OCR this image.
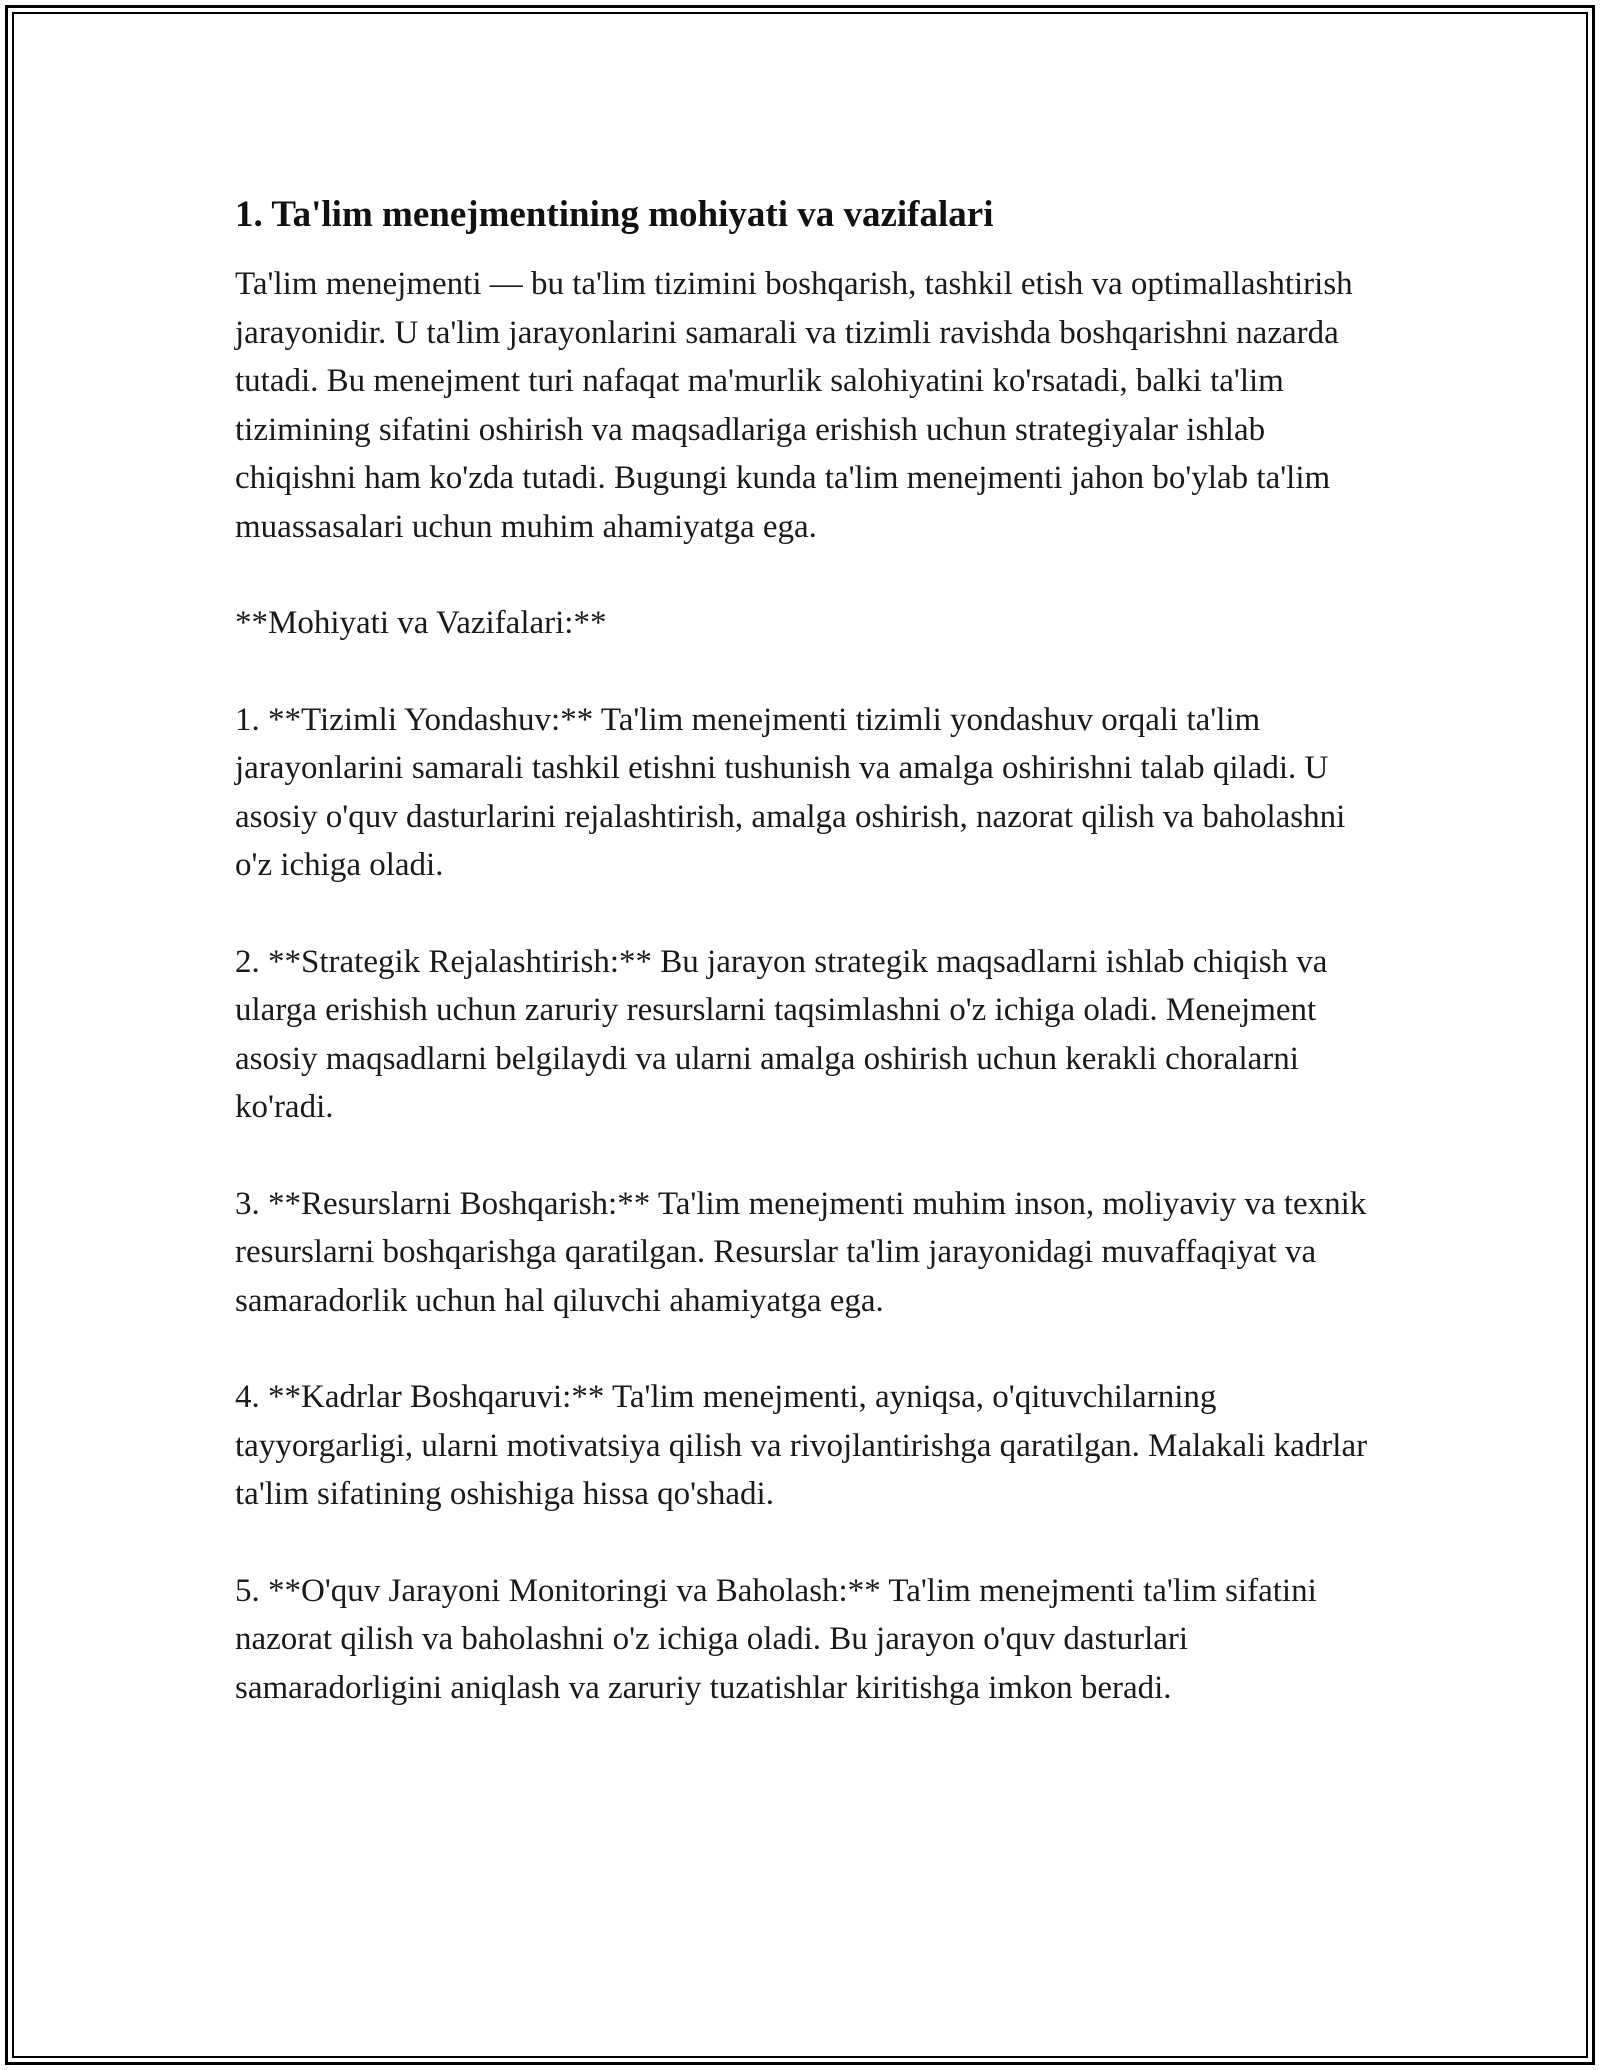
1. Ta'lim menejmentining mohiyati va vazifalari

Ta'lim menejmenti — bu ta'lim tizimini boshqarish, tashkil etish va optimallashtirish jarayonidir. U ta'lim jarayonlarini samarali va tizimli ravishda boshqarishni nazarda tutadi. Bu menejment turi nafaqat ma'murlik salohiyatini ko'rsatadi, balki ta'lim tizimining sifatini oshirish va maqsadlariga erishish uchun strategiyalar ishlab chiqishni ham ko'zda tutadi. Bugungi kunda ta'lim menejmenti jahon bo'ylab ta'lim muassasalari uchun muhim ahamiyatga ega.

**Mohiyati va Vazifalari:**

1. **Tizimli Yondashuv:** Ta'lim menejmenti tizimli yondashuv orqali ta'lim jarayonlarini samarali tashkil etishni tushunish va amalga oshirishni talab qiladi. U asosiy o'quv dasturlarini rejalashtirish, amalga oshirish, nazorat qilish va baholashni o'z ichiga oladi.

2. **Strategik Rejalashtirish:** Bu jarayon strategik maqsadlarni ishlab chiqish va ularga erishish uchun zaruriy resurslarni taqsimlashni o'z ichiga oladi. Menejment asosiy maqsadlarni belgilaydi va ularni amalga oshirish uchun kerakli choralarni ko'radi.

3. **Resurslarni Boshqarish:** Ta'lim menejmenti muhim inson, moliyaviy va texnik resurslarni boshqarishga qaratilgan. Resurslar ta'lim jarayonidagi muvaffaqiyat va samaradorlik uchun hal qiluvchi ahamiyatga ega.

4. **Kadrlar Boshqaruvi:** Ta'lim menejmenti, ayniqsa, o'qituvchilarning tayyorgarligi, ularni motivatsiya qilish va rivojlantirishga qaratilgan. Malakali kadrlar ta'lim sifatining oshishiga hissa qo'shadi.

5. **O'quv Jarayoni Monitoringi va Baholash:** Ta'lim menejmenti ta'lim sifatini nazorat qilish va baholashni o'z ichiga oladi. Bu jarayon o'quv dasturlari samaradorligini aniqlash va zaruriy tuzatishlar kiritishga imkon beradi.
